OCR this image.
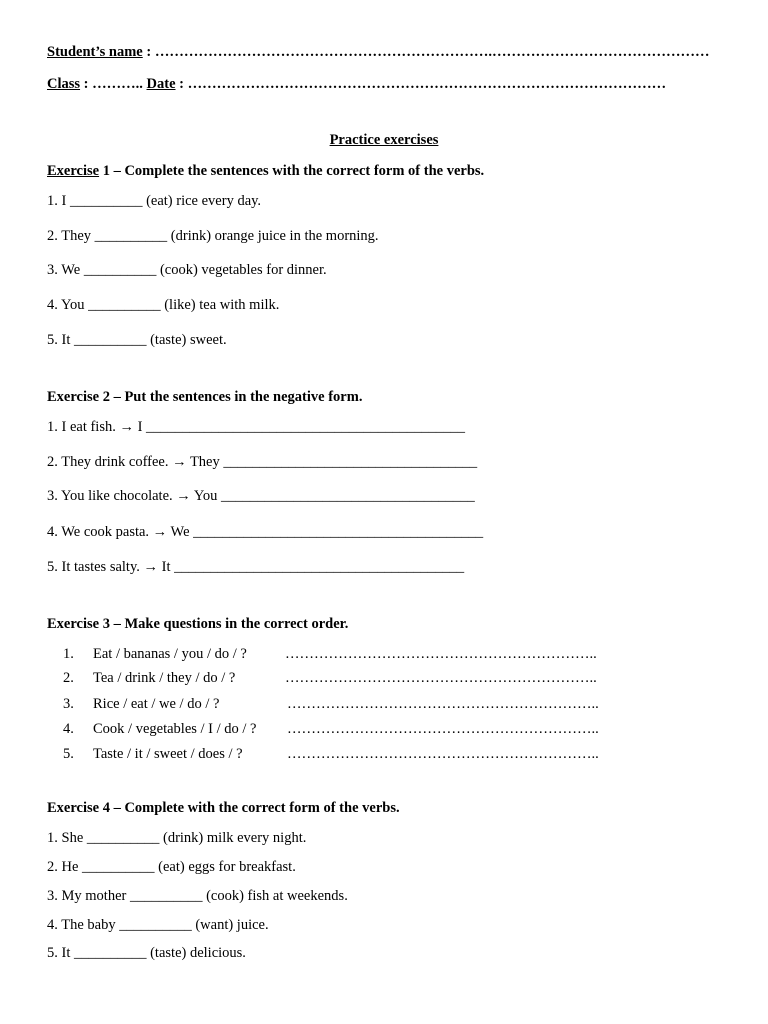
Student’s name : …………………………………………………………….………………………………………
Class : ……….. Date : ………………………………………………………………………………………
Practice exercises
Exercise 1 – Complete the sentences with the correct form of the verbs.
1. I __________ (eat) rice every day.
2. They __________ (drink) orange juice in the morning.
3. We __________ (cook) vegetables for dinner.
4. You __________ (like) tea with milk.
5. It __________ (taste) sweet.
Exercise 2 – Put the sentences in the negative form.
1. I eat fish. → I ____________________________________________
2. They drink coffee. → They ___________________________________
3. You like chocolate. → You ___________________________________
4. We cook pasta. → We ________________________________________
5. It tastes salty. → It ________________________________________
Exercise 3 – Make questions in the correct order.
1. Eat / bananas / you / do / ?	………………………………………………………..
2. Tea / drink / they / do / ?	………………………………………………………..
3. Rice / eat / we / do / ?	………………………………………………………..
4. Cook / vegetables / I / do / ? ………………………………………………………..
5. Taste / it / sweet / does / ?	………………………………………………………..
Exercise 4 – Complete with the correct form of the verbs.
1. She __________ (drink) milk every night.
2. He __________ (eat) eggs for breakfast.
3. My mother __________ (cook) fish at weekends.
4. The baby __________ (want) juice.
5. It __________ (taste) delicious.
